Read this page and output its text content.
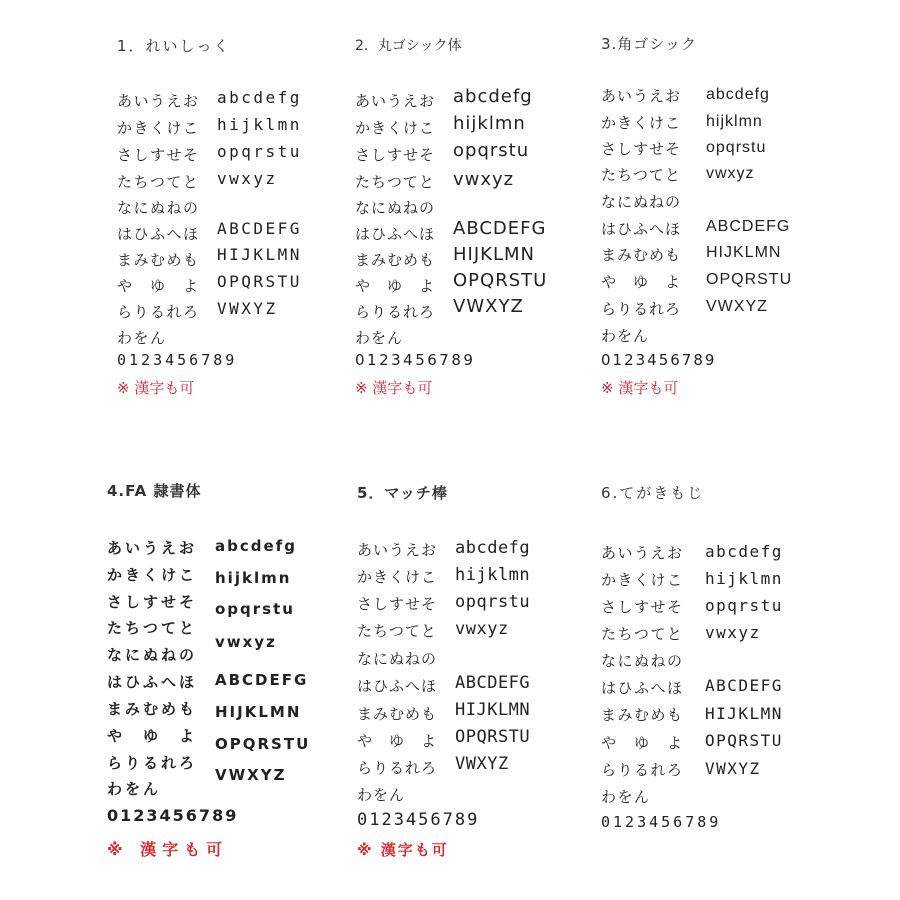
1．れいしっく
あいうえお
かきくけこ
さしすせそ
たちつてと
なにぬねの
はひふへほ
まみむめも
や　ゆ　よ
らりるれろ
わをん
abcdefg
hijklmn
opqrstu
vwxyz
ABCDEFG
HIJKLMN
OPQRSTU
VWXYZ
0123456789
※ 漢字も可
2．丸ゴシック体
あいうえお
かきくけこ
さしすせそ
たちつてと
なにぬねの
はひふへほ
まみむめも
や　ゆ　よ
らりるれろ
わをん
abcdefg
hijklmn
opqrstu
vwxyz
ABCDEFG
HIJKLMN
OPQRSTU
VWXYZ
0123456789
※ 漢字も可
3.角ゴシック
あいうえお
かきくけこ
さしすせそ
たちつてと
なにぬねの
はひふへほ
まみむめも
や　ゆ　よ
らりるれろ
わをん
abcdefg
hijklmn
opqrstu
vwxyz
ABCDEFG
HIJKLMN
OPQRSTU
VWXYZ
0123456789
※ 漢字も可
4.FA 隷書体
あいうえお
かきくけこ
さしすせそ
たちつてと
なにぬねの
はひふへほ
まみむめも
や　ゆ　よ
らりるれろ
わをん
abcdefg
hijklmn
opqrstu
vwxyz
ABCDEFG
HIJKLMN
OPQRSTU
VWXYZ
0123456789
※ 漢字も可
5．マッチ棒
あいうえお
かきくけこ
さしすせそ
たちつてと
なにぬねの
はひふへほ
まみむめも
や　ゆ　よ
らりるれろ
わをん
abcdefg
hijklmn
opqrstu
vwxyz
ABCDEFG
HIJKLMN
OPQRSTU
VWXYZ
0123456789
※ 漢字も可
6.てがきもじ
あいうえお
かきくけこ
さしすせそ
たちつてと
なにぬねの
はひふへほ
まみむめも
や　ゆ　よ
らりるれろ
わをん
abcdefg
hijklmn
opqrstu
vwxyz
ABCDEFG
HIJKLMN
OPQRSTU
VWXYZ
0123456789
